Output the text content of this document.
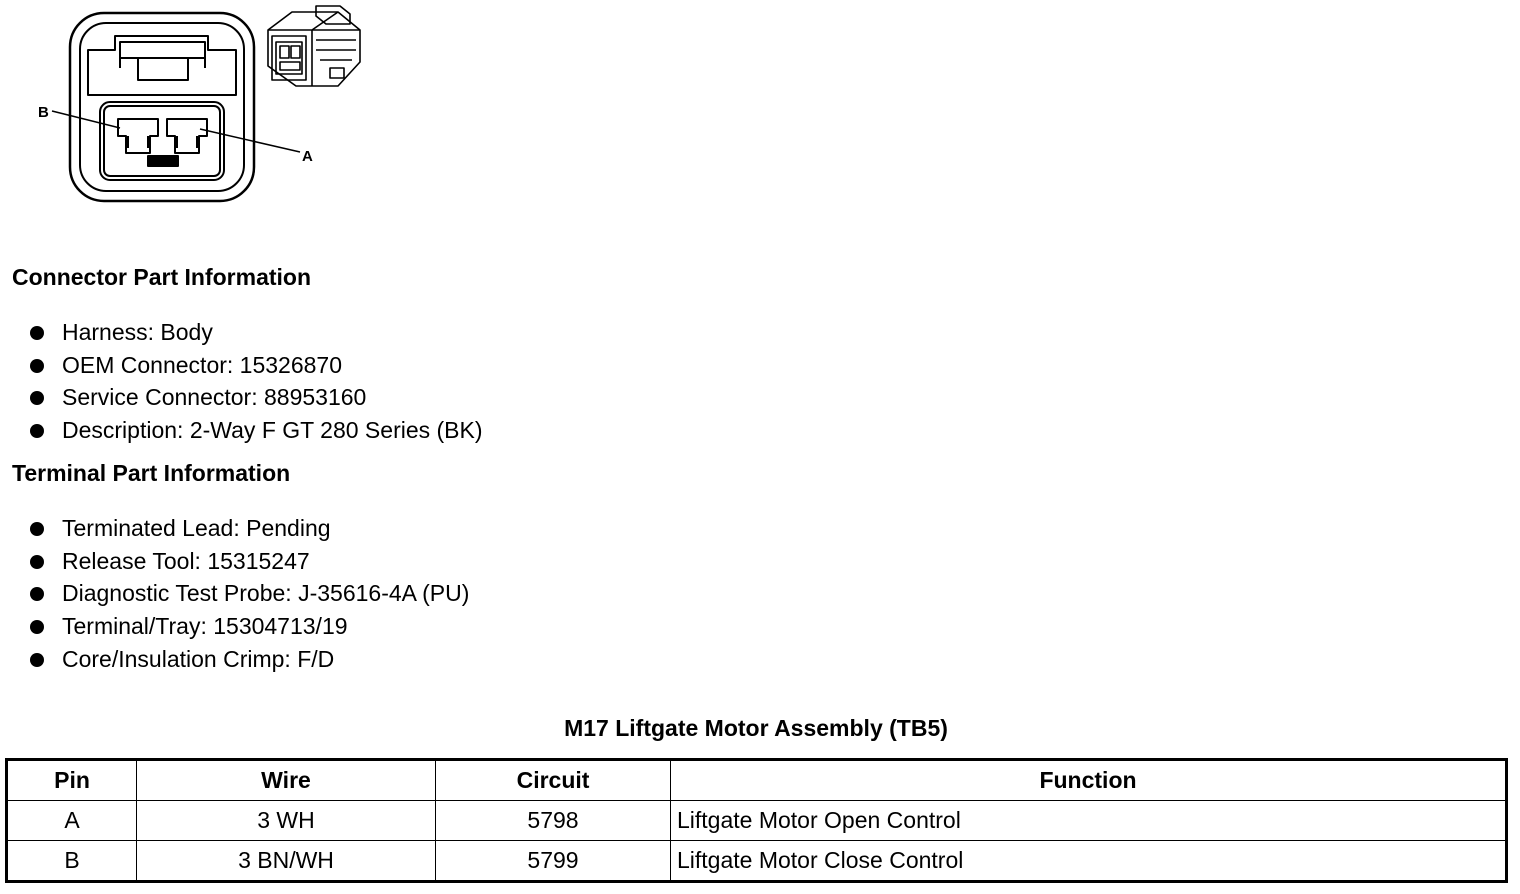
B
A
Connector Part Information
Harness: Body
OEM Connector: 15326870
Service Connector: 88953160
Description: 2-Way F GT 280 Series (BK)
Terminal Part Information
Terminated Lead: Pending
Release Tool: 15315247
Diagnostic Test Probe: J-35616-4A (PU)
Terminal/Tray: 15304713/19
Core/Insulation Crimp: F/D
M17 Liftgate Motor Assembly (TB5)
Pin	Wire	Circuit	Function
A	3 WH	5798	Liftgate Motor Open Control
B	3 BN/WH	5799	Liftgate Motor Close Control
